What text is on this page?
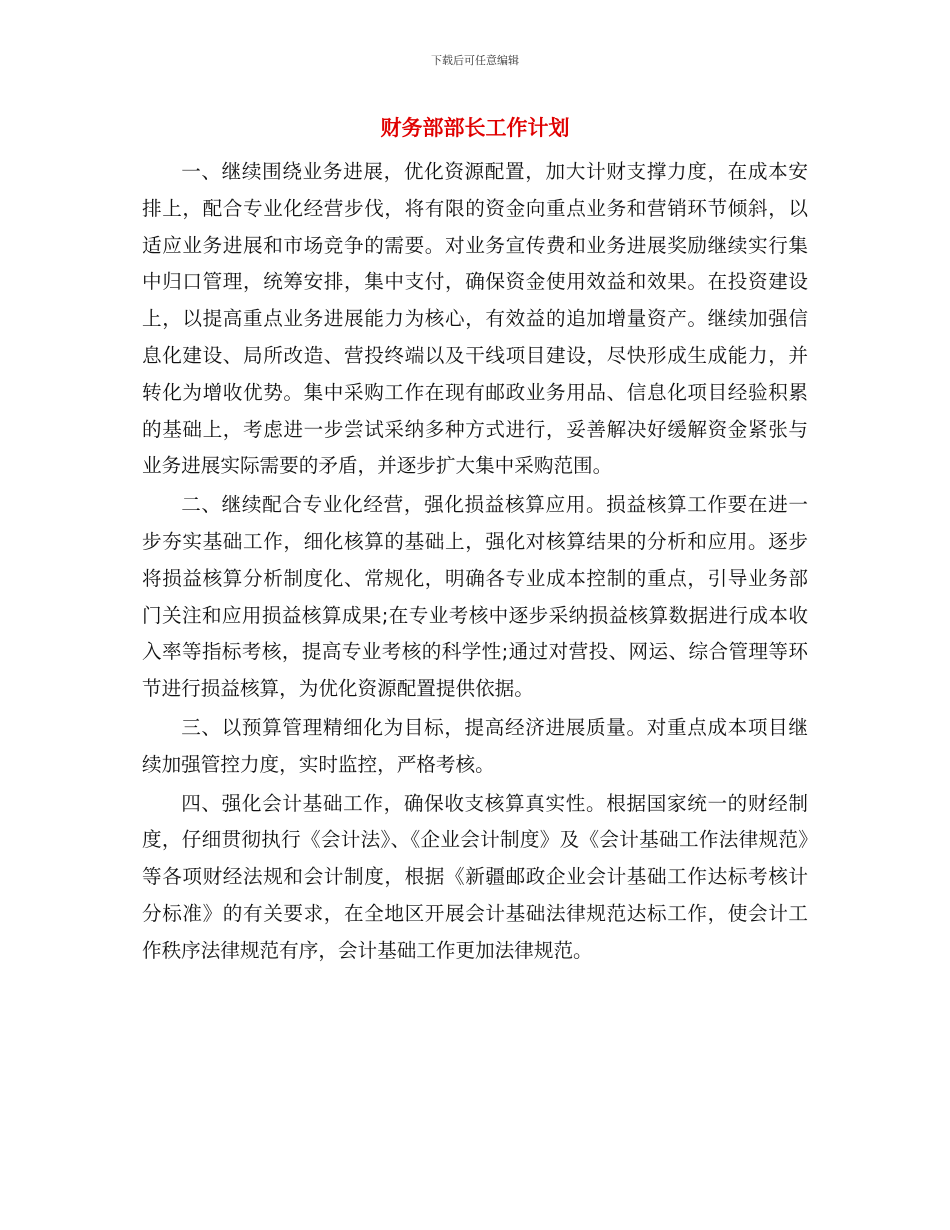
下载后可任意编辑
财务部部长工作计划

一、继续围绕业务进展，优化资源配置，加大计财支撑力度，在成本安排上，配合专业化经营步伐，将有限的资金向重点业务和营销环节倾斜，以适应业务进展和市场竞争的需要。对业务宣传费和业务进展奖励继续实行集中归口管理，统筹安排，集中支付，确保资金使用效益和效果。在投资建设上，以提高重点业务进展能力为核心，有效益的追加增量资产。继续加强信息化建设、局所改造、营投终端以及干线项目建设，尽快形成生成能力，并转化为增收优势。集中采购工作在现有邮政业务用品、信息化项目经验积累的基础上，考虑进一步尝试采纳多种方式进行，妥善解决好缓解资金紧张与业务进展实际需要的矛盾，并逐步扩大集中采购范围。

二、继续配合专业化经营，强化损益核算应用。损益核算工作要在进一步夯实基础工作，细化核算的基础上，强化对核算结果的分析和应用。逐步将损益核算分析制度化、常规化，明确各专业成本控制的重点，引导业务部门关注和应用损益核算成果;在专业考核中逐步采纳损益核算数据进行成本收入率等指标考核，提高专业考核的科学性;通过对营投、网运、综合管理等环节进行损益核算，为优化资源配置提供依据。

三、以预算管理精细化为目标，提高经济进展质量。对重点成本项目继续加强管控力度，实时监控，严格考核。

四、强化会计基础工作，确保收支核算真实性。根据国家统一的财经制度，仔细贯彻执行《会计法》、《企业会计制度》及《会计基础工作法律规范》等各项财经法规和会计制度，根据《新疆邮政企业会计基础工作达标考核计分标准》的有关要求，在全地区开展会计基础法律规范达标工作，使会计工作秩序法律规范有序，会计基础工作更加法律规范。
